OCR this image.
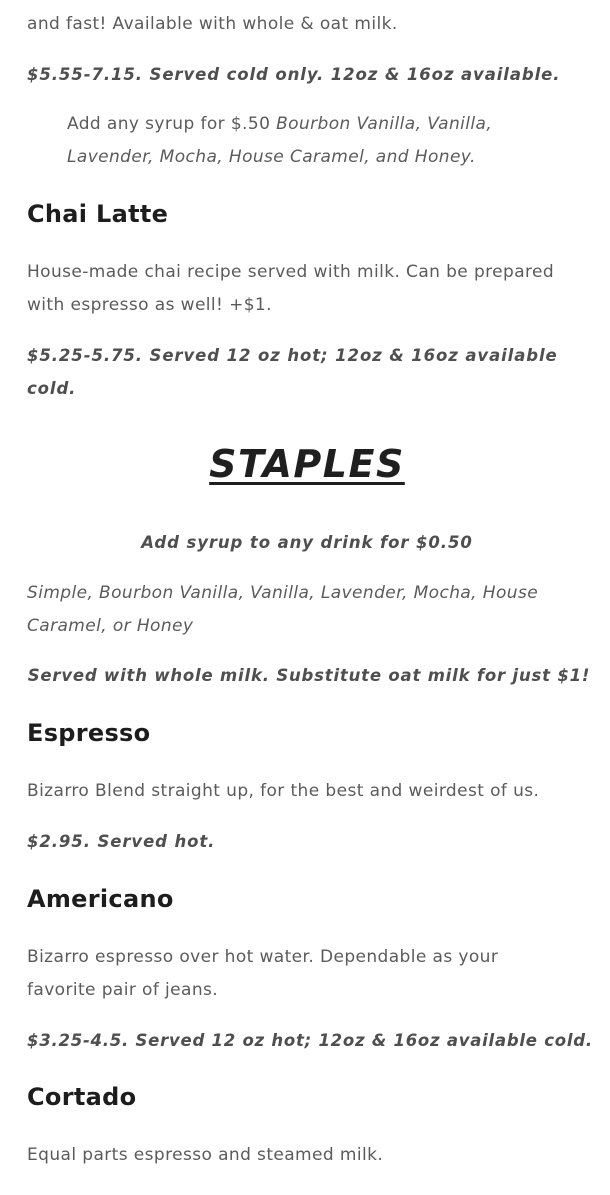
and fast! Available with whole & oat milk.

$5.55-7.15. Served cold only. 12oz & 16oz available.

Add any syrup for $.50 Bourbon Vanilla, Vanilla,
Lavender, Mocha, House Caramel, and Honey.
Chai Latte

House-made chai recipe served with milk. Can be prepared with espresso as well! +$1.

$5.25-5.75. Served 12 oz hot; 12oz & 16oz available cold.

STAPLES

Add syrup to any drink for $0.50

Simple, Bourbon Vanilla, Vanilla, Lavender, Mocha, House Caramel, or Honey

Served with whole milk. Substitute oat milk for just $1!

Espresso

Bizarro Blend straight up, for the best and weirdest of us.

$2.95. Served hot.

Americano

Bizarro espresso over hot water. Dependable as your favorite pair of jeans.

$3.25-4.5. Served 12 oz hot; 12oz & 16oz available cold.

Cortado

Equal parts espresso and steamed milk.
